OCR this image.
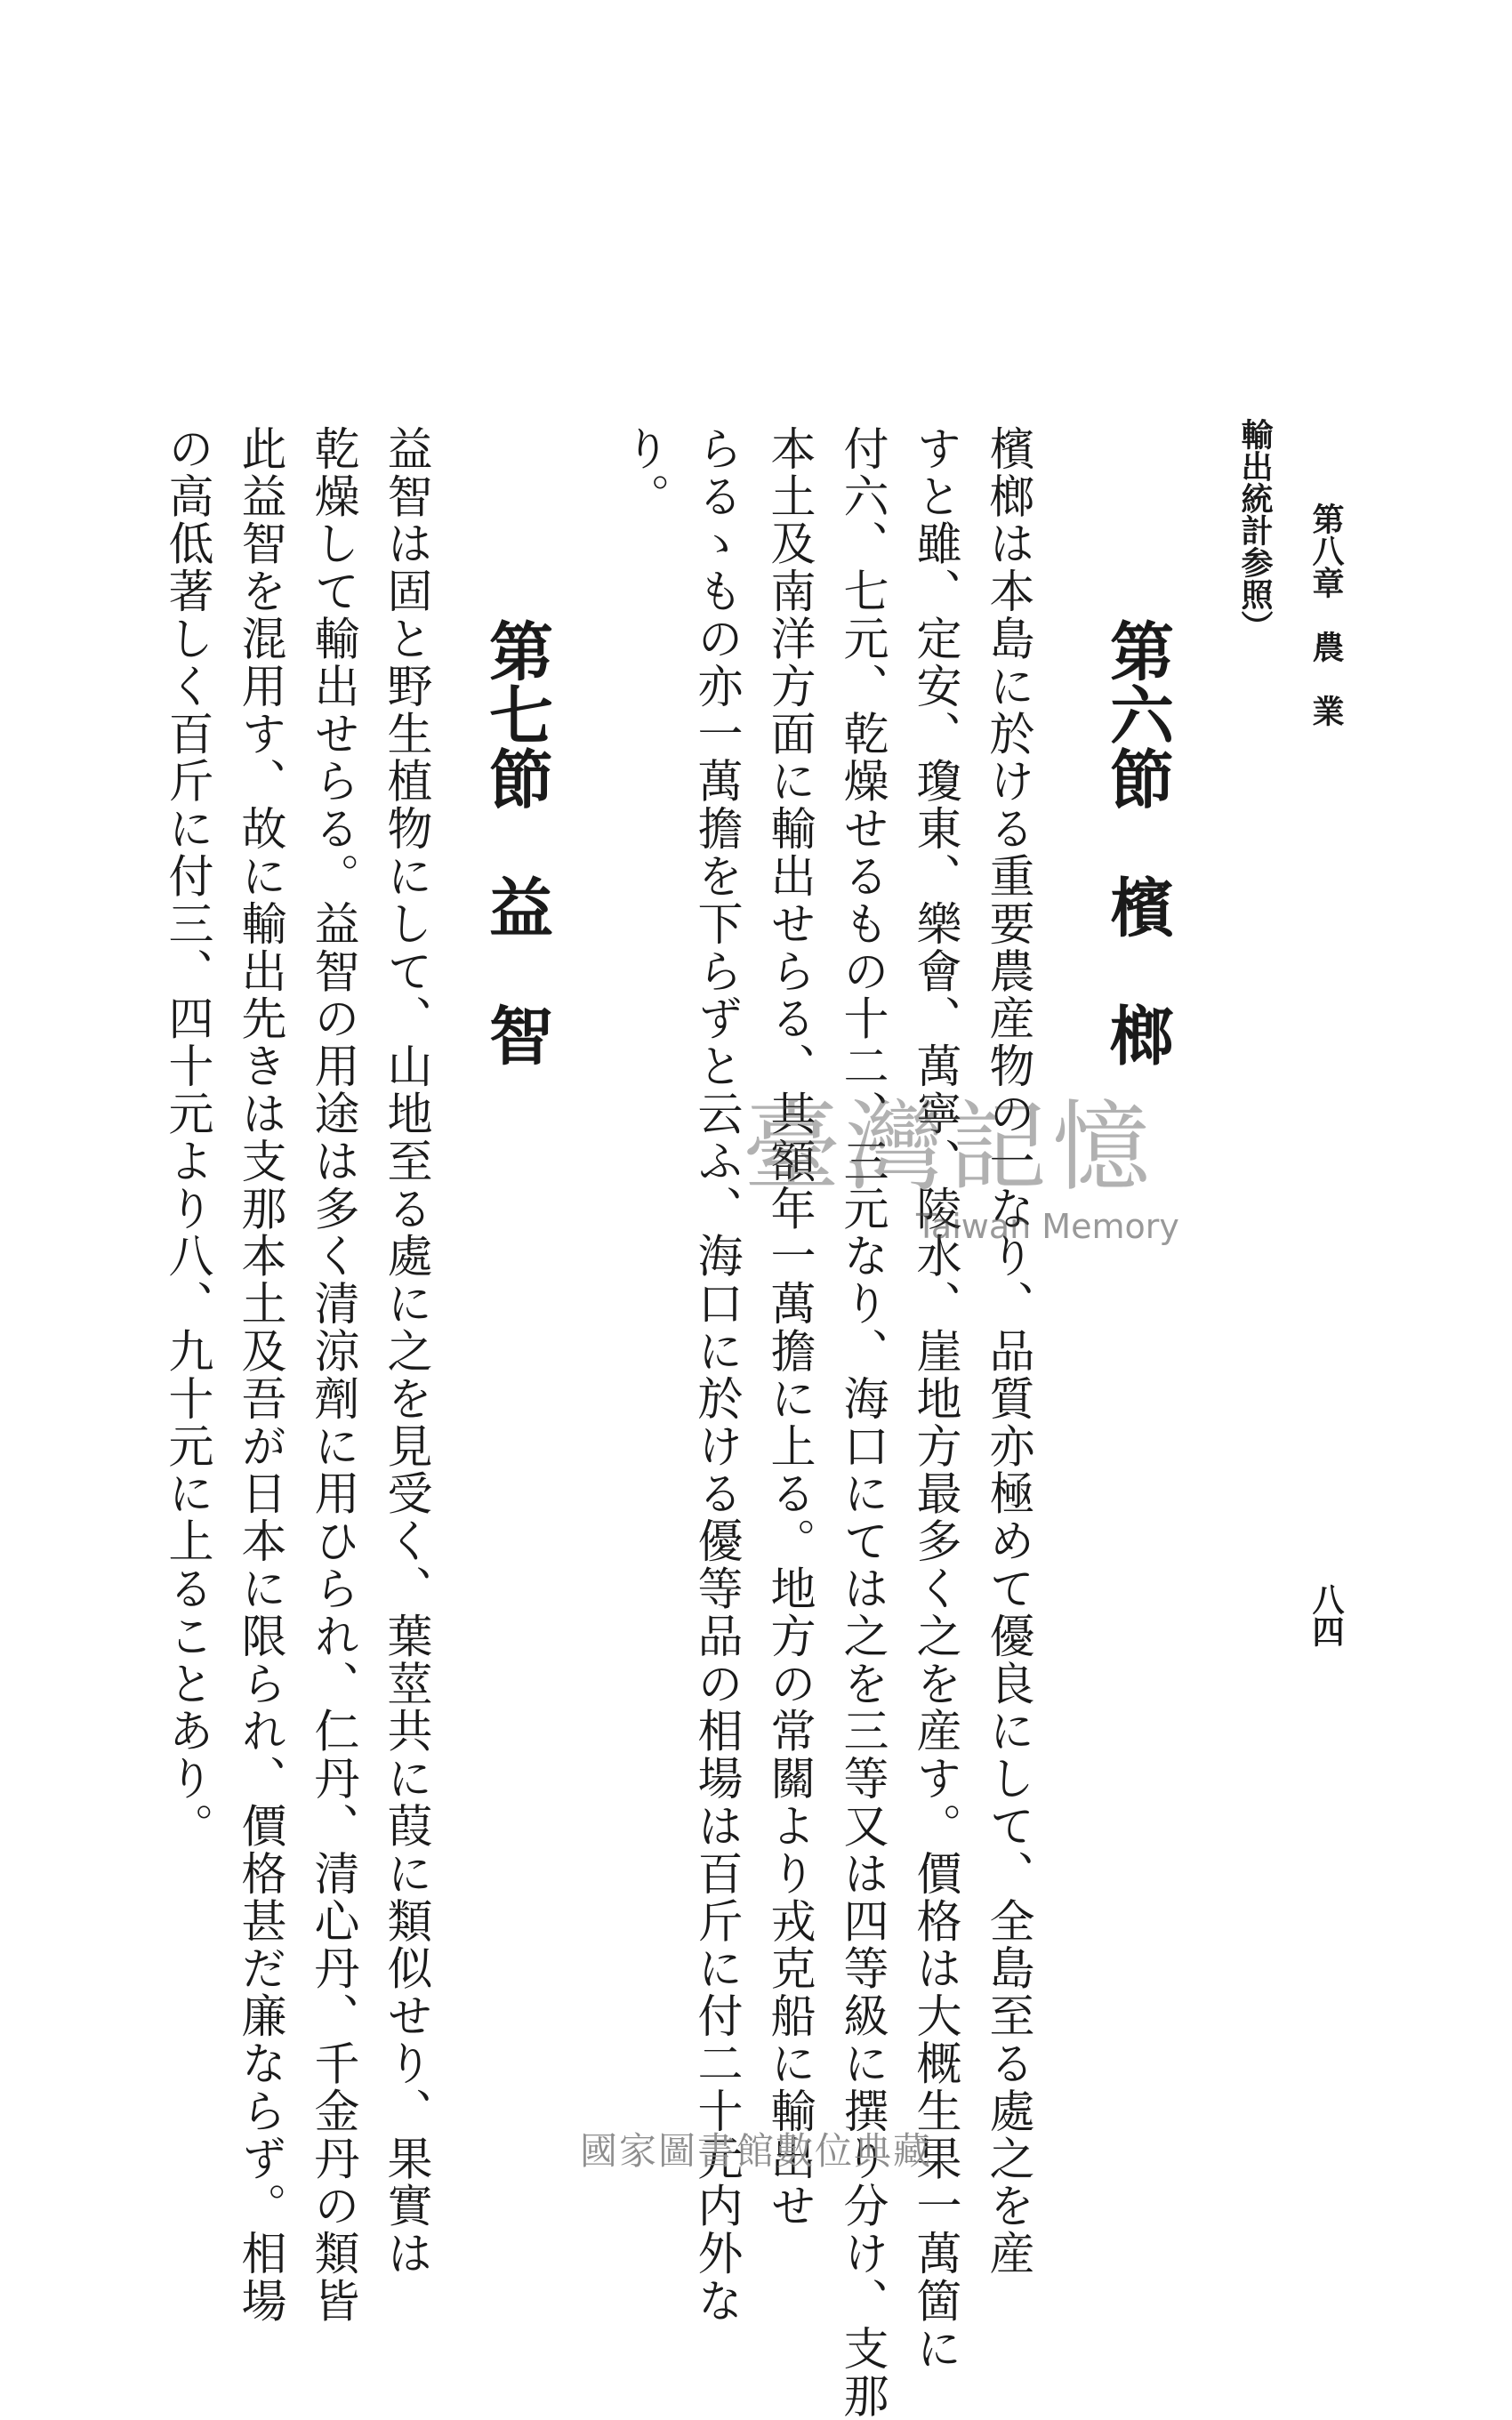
第八章　農　業
八四
輸出統計参照）
第六節　檳　榔
檳榔は本島に於ける重要農産物の一なり、品質亦極めて優良にして、全島至る處之を産
すと雖、定安、瓊東、樂會、萬寧、陵水、崖地方最多く之を産す。價格は大概生果一萬箇に
付六、七元、乾燥せるもの十二、三元なり、海口にては之を三等又は四等級に撰り分け、支那
本土及南洋方面に輸出せらる、其額年一萬擔に上る。地方の常關より戎克船に輸出せ
らるゝもの亦一萬擔を下らずと云ふ、海口に於ける優等品の相場は百斤に付二十元内外な
り。
第七節　益　智
益智は固と野生植物にして、山地至る處に之を見受く、葉莖共に葭に類似せり、果實は
乾燥して輸出せらる。益智の用途は多く清涼劑に用ひられ、仁丹、清心丹、千金丹の類皆
此益智を混用す、故に輸出先きは支那本土及吾が日本に限られ、價格甚だ廉ならず。相場
の高低著しく百斤に付三、四十元より八、九十元に上ることあり。	臺灣記憶
Taiwan Memory
國家圖書館數位典藏
